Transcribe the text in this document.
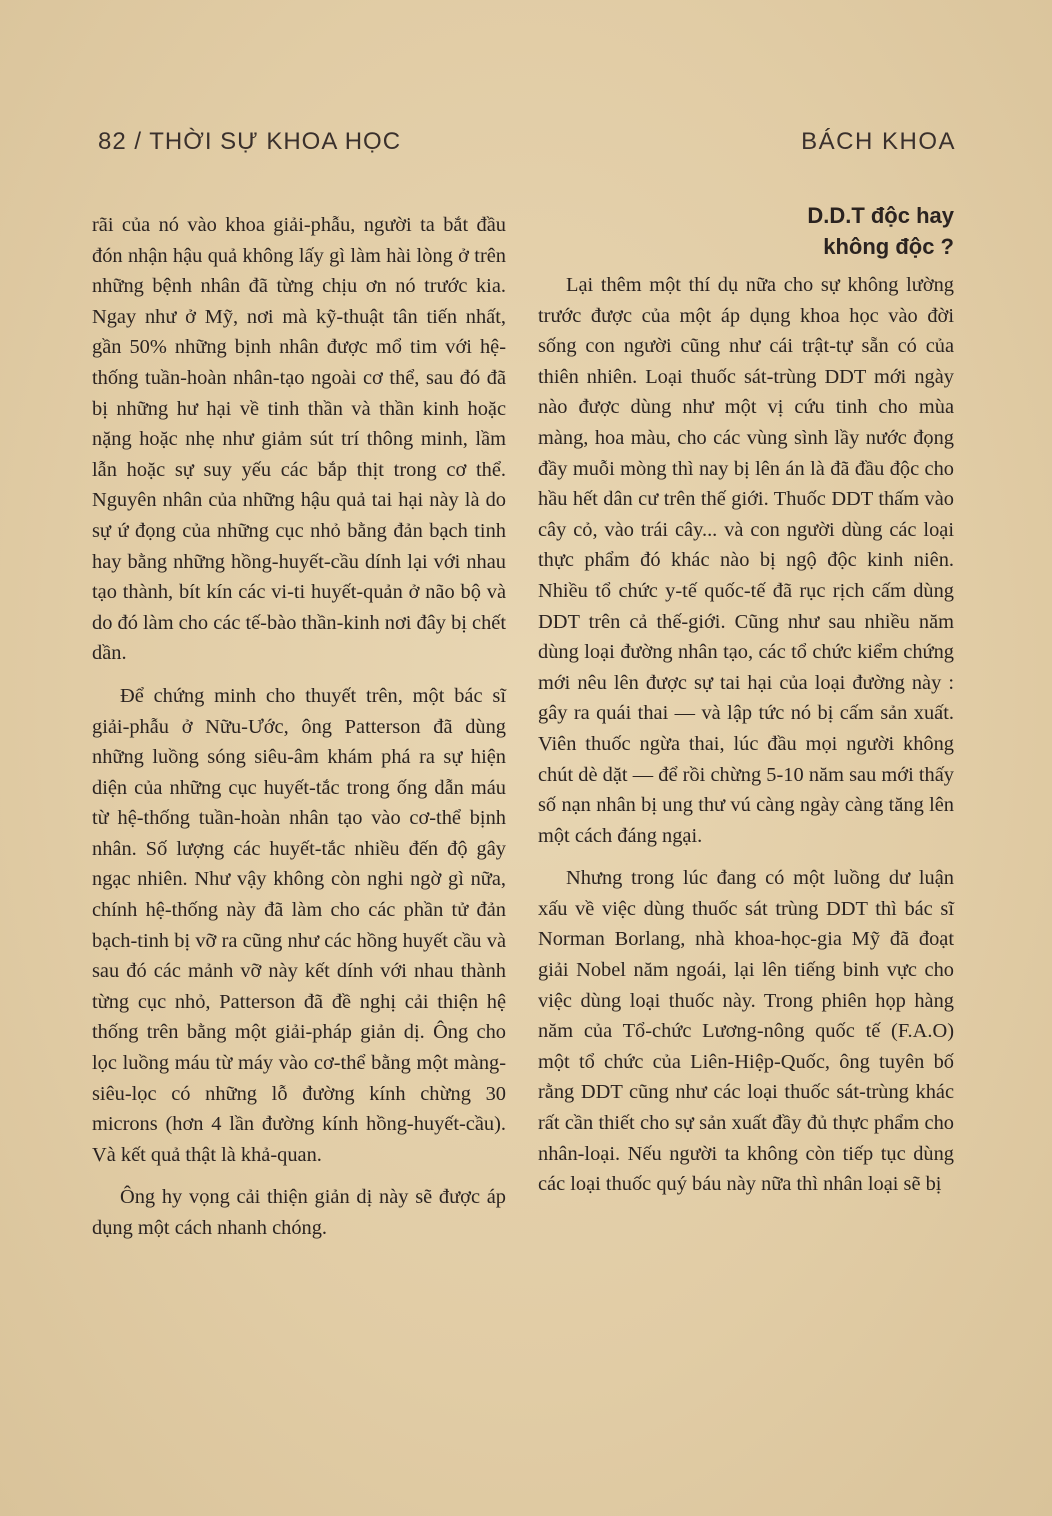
82 / THỜI SỰ KHOA HỌC	BÁCH KHOA

rãi của nó vào khoa giải-phẫu, người ta bắt đầu đón nhận hậu quả không lấy gì làm hài lòng ở trên những bệnh nhân đã từng chịu ơn nó trước kia. Ngay như ở Mỹ, nơi mà kỹ-thuật tân tiến nhất, gần 50% những bịnh nhân được mổ tim với hệ-thống tuần-hoàn nhân-tạo ngoài cơ thể, sau đó đã bị những hư hại về tinh thần và thần kinh hoặc nặng hoặc nhẹ như giảm sút trí thông minh, lầm lẫn hoặc sự suy yếu các bắp thịt trong cơ thể. Nguyên nhân của những hậu quả tai hại này là do sự ứ đọng của những cục nhỏ bằng đản bạch tinh hay bằng những hồng-huyết-cầu dính lại với nhau tạo thành, bít kín các vi-ti huyết-quản ở não bộ và do đó làm cho các tế-bào thần-kinh nơi đây bị chết dần.

Để chứng minh cho thuyết trên, một bác sĩ giải-phẫu ở Nữu-Ước, ông Patterson đã dùng những luồng sóng siêu-âm khám phá ra sự hiện diện của những cục huyết-tắc trong ống dẫn máu từ hệ-thống tuần-hoàn nhân tạo vào cơ-thể bịnh nhân. Số lượng các huyết-tắc nhiều đến độ gây ngạc nhiên. Như vậy không còn nghi ngờ gì nữa, chính hệ-thống này đã làm cho các phần tử đản bạch-tinh bị vỡ ra cũng như các hồng huyết cầu và sau đó các mảnh vỡ này kết dính với nhau thành từng cục nhỏ, Patterson đã đề nghị cải thiện hệ thống trên bằng một giải-pháp giản dị. Ông cho lọc luồng máu từ máy vào cơ-thể bằng một màng-siêu-lọc có những lỗ đường kính chừng 30 microns (hơn 4 lần đường kính hồng-huyết-cầu). Và kết quả thật là khả-quan.

Ông hy vọng cải thiện giản dị này sẽ được áp dụng một cách nhanh chóng.

D.D.T độc hay
không độc ?

Lại thêm một thí dụ nữa cho sự không lường trước được của một áp dụng khoa học vào đời sống con người cũng như cái trật-tự sẵn có của thiên nhiên. Loại thuốc sát-trùng DDT mới ngày nào được dùng như một vị cứu tinh cho mùa màng, hoa màu, cho các vùng sình lầy nước đọng đầy muỗi mòng thì nay bị lên án là đã đầu độc cho hầu hết dân cư trên thế giới. Thuốc DDT thấm vào cây cỏ, vào trái cây... và con người dùng các loại thực phẩm đó khác nào bị ngộ độc kinh niên. Nhiều tổ chức y-tế quốc-tế đã rục rịch cấm dùng DDT trên cả thế-giới. Cũng như sau nhiều năm dùng loại đường nhân tạo, các tổ chức kiểm chứng mới nêu lên được sự tai hại của loại đường này : gây ra quái thai — và lập tức nó bị cấm sản xuất. Viên thuốc ngừa thai, lúc đầu mọi người không chút dè dặt — để rồi chừng 5-10 năm sau mới thấy số nạn nhân bị ung thư vú càng ngày càng tăng lên một cách đáng ngại.

Nhưng trong lúc đang có một luồng dư luận xấu về việc dùng thuốc sát trùng DDT thì bác sĩ Norman Borlang, nhà khoa-học-gia Mỹ đã đoạt giải Nobel năm ngoái, lại lên tiếng binh vực cho việc dùng loại thuốc này. Trong phiên họp hàng năm của Tổ-chức Lương-nông quốc tế (F.A.O) một tổ chức của Liên-Hiệp-Quốc, ông tuyên bố rằng DDT cũng như các loại thuốc sát-trùng khác rất cần thiết cho sự sản xuất đầy đủ thực phẩm cho nhân-loại. Nếu người ta không còn tiếp tục dùng các loại thuốc quý báu này nữa thì nhân loại sẽ bị
